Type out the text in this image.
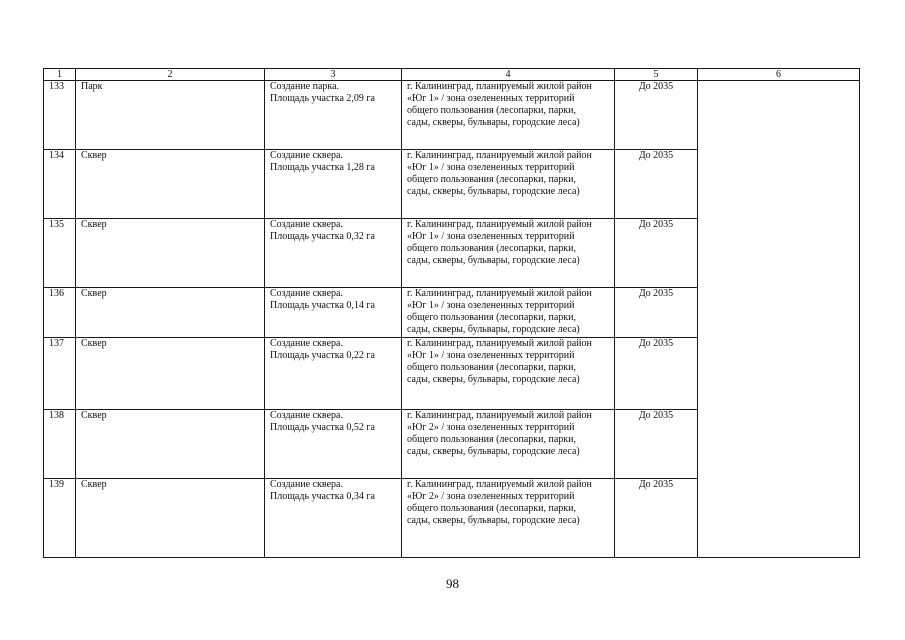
1	2	3	4	5	6
133	Парк	Создание парка.
Площадь участка 2,09 га	г. Калининград, планируемый жилой район
«Юг 1» / зона озелененных территорий
общего пользования (лесопарки, парки,
сады, скверы, бульвары, городские леса)	До 2035	
134	Сквер	Создание сквера.
Площадь участка 1,28 га	г. Калининград, планируемый жилой район
«Юг 1» / зона озелененных территорий
общего пользования (лесопарки, парки,
сады, скверы, бульвары, городские леса)	До 2035	
135	Сквер	Создание сквера.
Площадь участка 0,32 га	г. Калининград, планируемый жилой район
«Юг 1» / зона озелененных территорий
общего пользования (лесопарки, парки,
сады, скверы, бульвары, городские леса)	До 2035	
136	Сквер	Создание сквера.
Площадь участка 0,14 га	г. Калининград, планируемый жилой район
«Юг 1» / зона озелененных территорий
общего пользования (лесопарки, парки,
сады, скверы, бульвары, городские леса)	До 2035	
137	Сквер	Создание сквера.
Площадь участка 0,22 га	г. Калининград, планируемый жилой район
«Юг 1» / зона озелененных территорий
общего пользования (лесопарки, парки,
сады, скверы, бульвары, городские леса)	До 2035	
138	Сквер	Создание сквера.
Площадь участка 0,52 га	г. Калининград, планируемый жилой район
«Юг 2» / зона озелененных территорий
общего пользования (лесопарки, парки,
сады, скверы, бульвары, городские леса)	До 2035	
139	Сквер	Создание сквера.
Площадь участка 0,34 га	г. Калининград, планируемый жилой район
«Юг 2» / зона озелененных территорий
общего пользования (лесопарки, парки,
сады, скверы, бульвары, городские леса)	До 2035	
98
